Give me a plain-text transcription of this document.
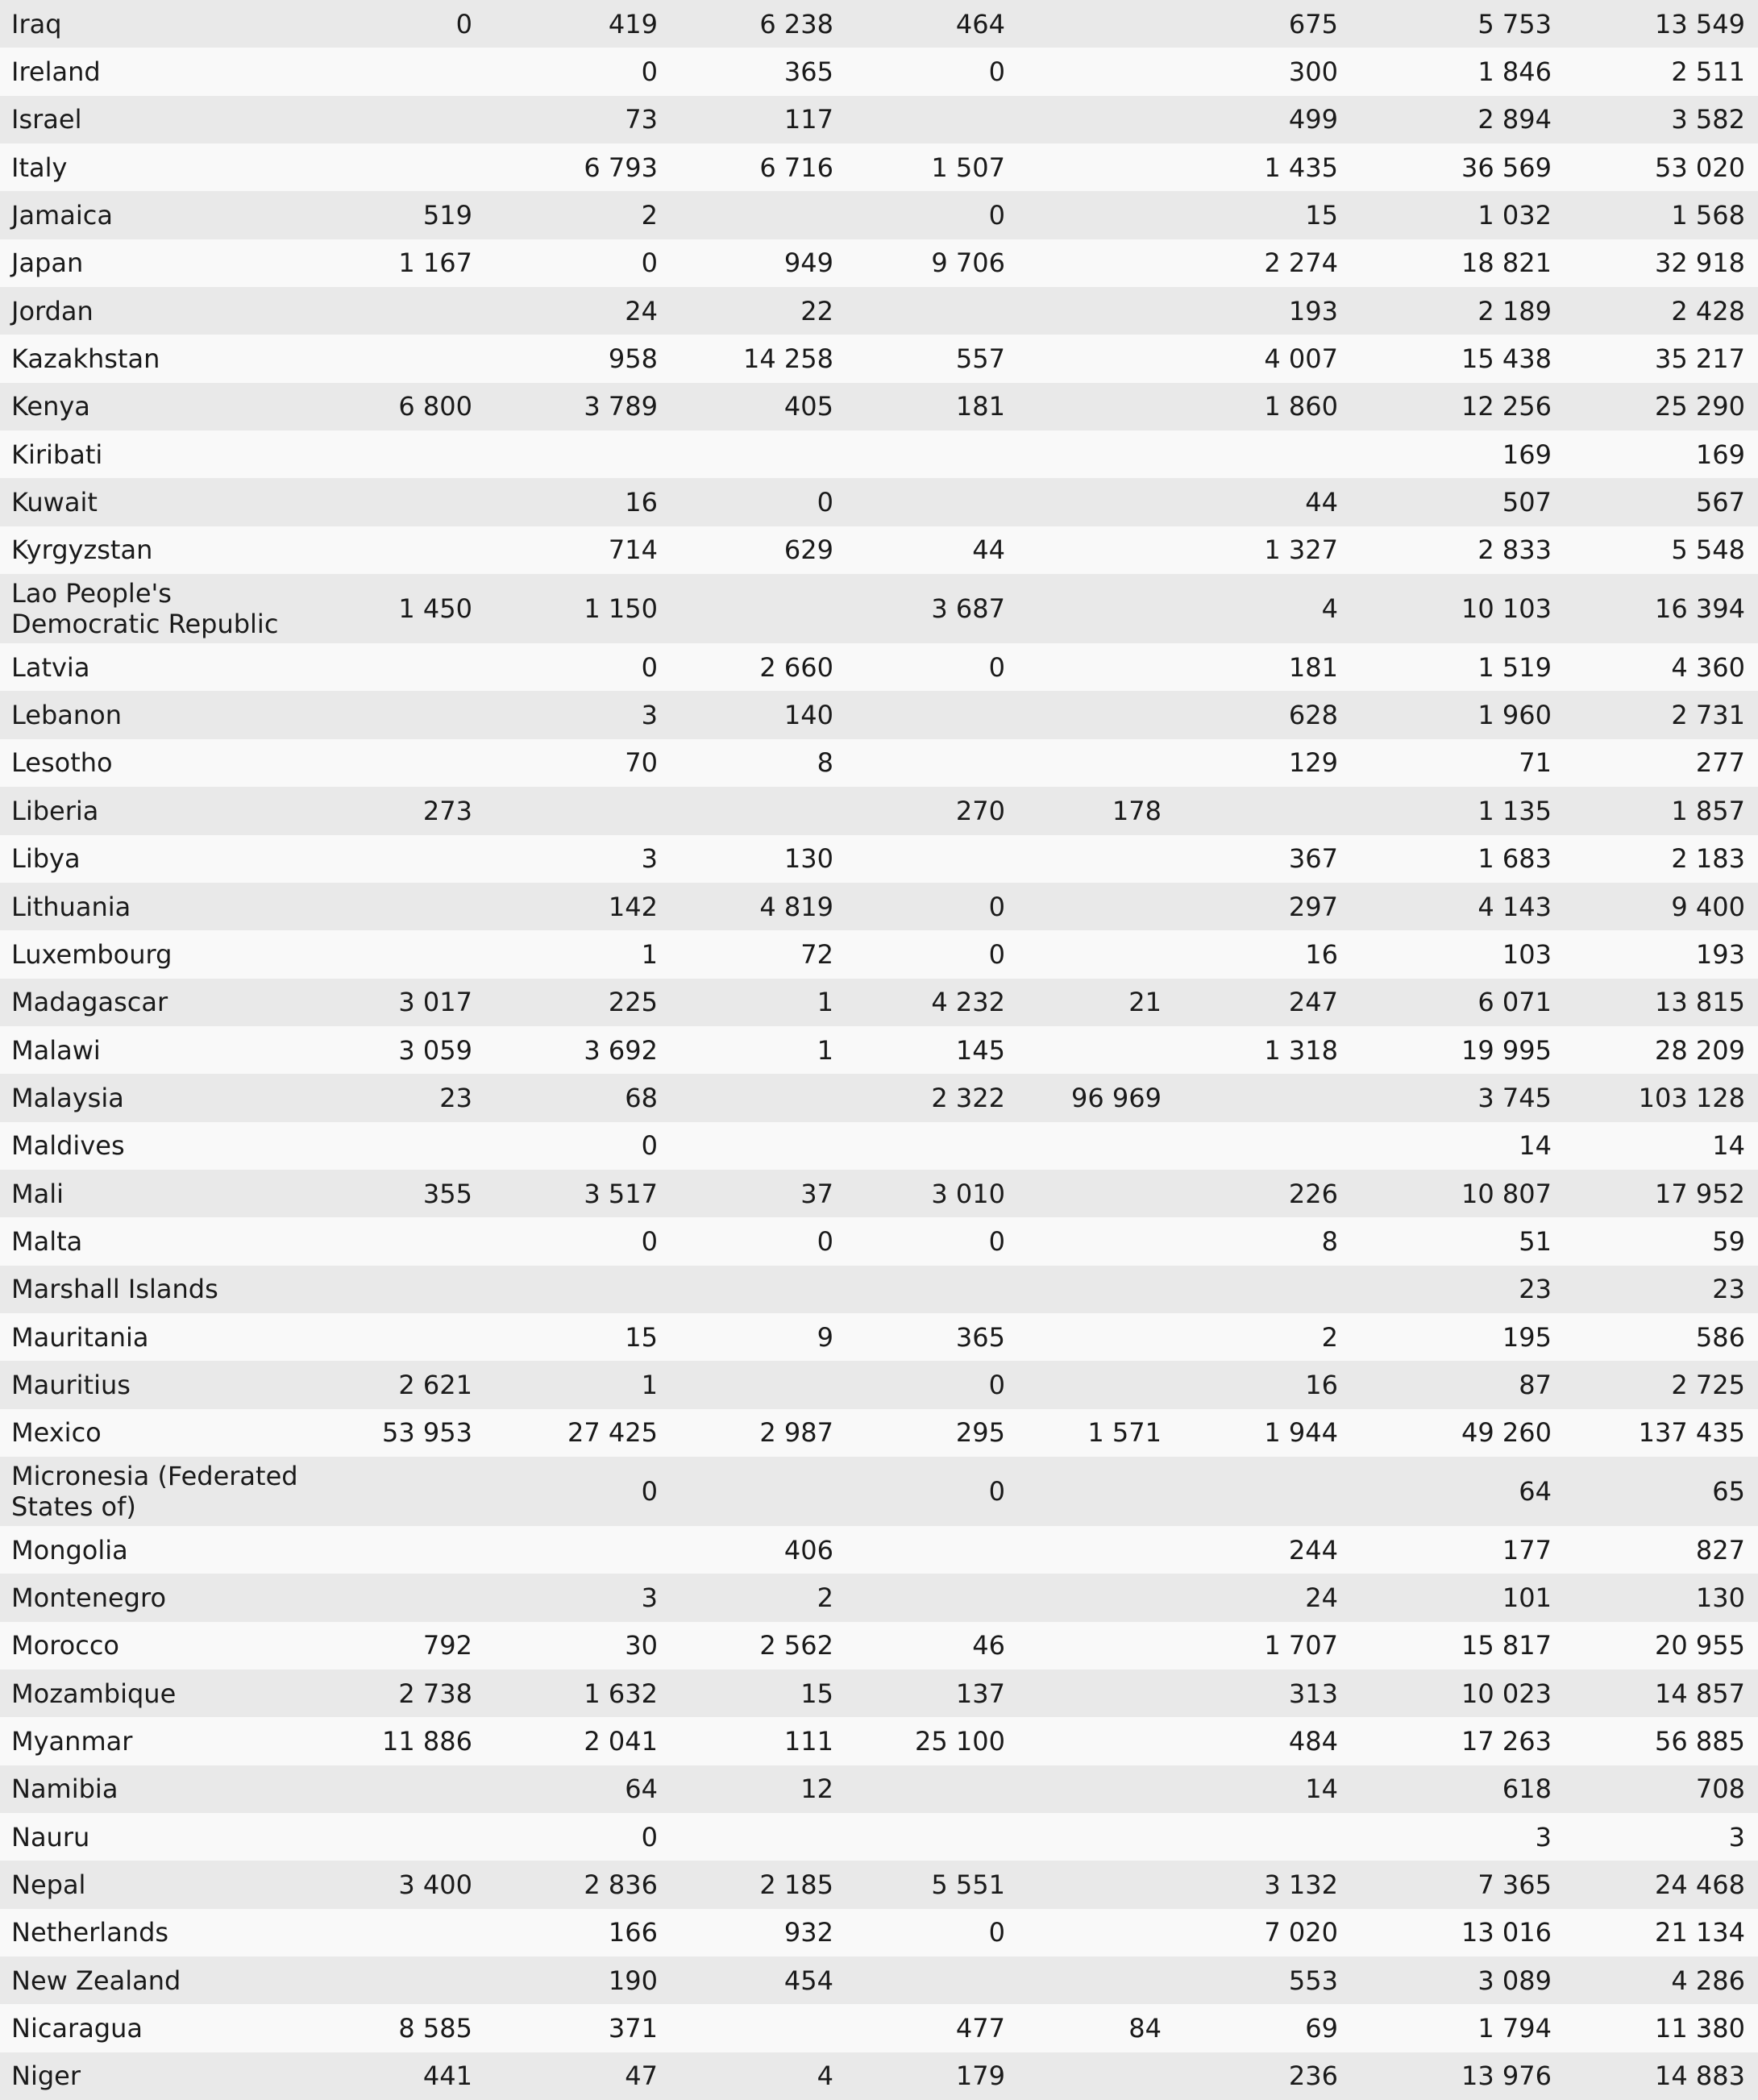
Iraq	0	419	6 238	464		675	5 753	13 549
Ireland		0	365	0		300	1 846	2 511
Israel		73	117			499	2 894	3 582
Italy		6 793	6 716	1 507		1 435	36 569	53 020
Jamaica	519	2		0		15	1 032	1 568
Japan	1 167	0	949	9 706		2 274	18 821	32 918
Jordan		24	22			193	2 189	2 428
Kazakhstan		958	14 258	557		4 007	15 438	35 217
Kenya	6 800	3 789	405	181		1 860	12 256	25 290
Kiribati							169	169
Kuwait		16	0			44	507	567
Kyrgyzstan		714	629	44		1 327	2 833	5 548
Lao People's Democratic Republic	1 450	1 150		3 687		4	10 103	16 394
Latvia		0	2 660	0		181	1 519	4 360
Lebanon		3	140			628	1 960	2 731
Lesotho		70	8			129	71	277
Liberia	273			270	178		1 135	1 857
Libya		3	130			367	1 683	2 183
Lithuania		142	4 819	0		297	4 143	9 400
Luxembourg		1	72	0		16	103	193
Madagascar	3 017	225	1	4 232	21	247	6 071	13 815
Malawi	3 059	3 692	1	145		1 318	19 995	28 209
Malaysia	23	68		2 322	96 969		3 745	103 128
Maldives		0					14	14
Mali	355	3 517	37	3 010		226	10 807	17 952
Malta		0	0	0		8	51	59
Marshall Islands							23	23
Mauritania		15	9	365		2	195	586
Mauritius	2 621	1		0		16	87	2 725
Mexico	53 953	27 425	2 987	295	1 571	1 944	49 260	137 435
Micronesia (Federated States of)		0		0			64	65
Mongolia			406			244	177	827
Montenegro		3	2			24	101	130
Morocco	792	30	2 562	46		1 707	15 817	20 955
Mozambique	2 738	1 632	15	137		313	10 023	14 857
Myanmar	11 886	2 041	111	25 100		484	17 263	56 885
Namibia		64	12			14	618	708
Nauru		0					3	3
Nepal	3 400	2 836	2 185	5 551		3 132	7 365	24 468
Netherlands		166	932	0		7 020	13 016	21 134
New Zealand		190	454			553	3 089	4 286
Nicaragua	8 585	371		477	84	69	1 794	11 380
Niger	441	47	4	179		236	13 976	14 883
